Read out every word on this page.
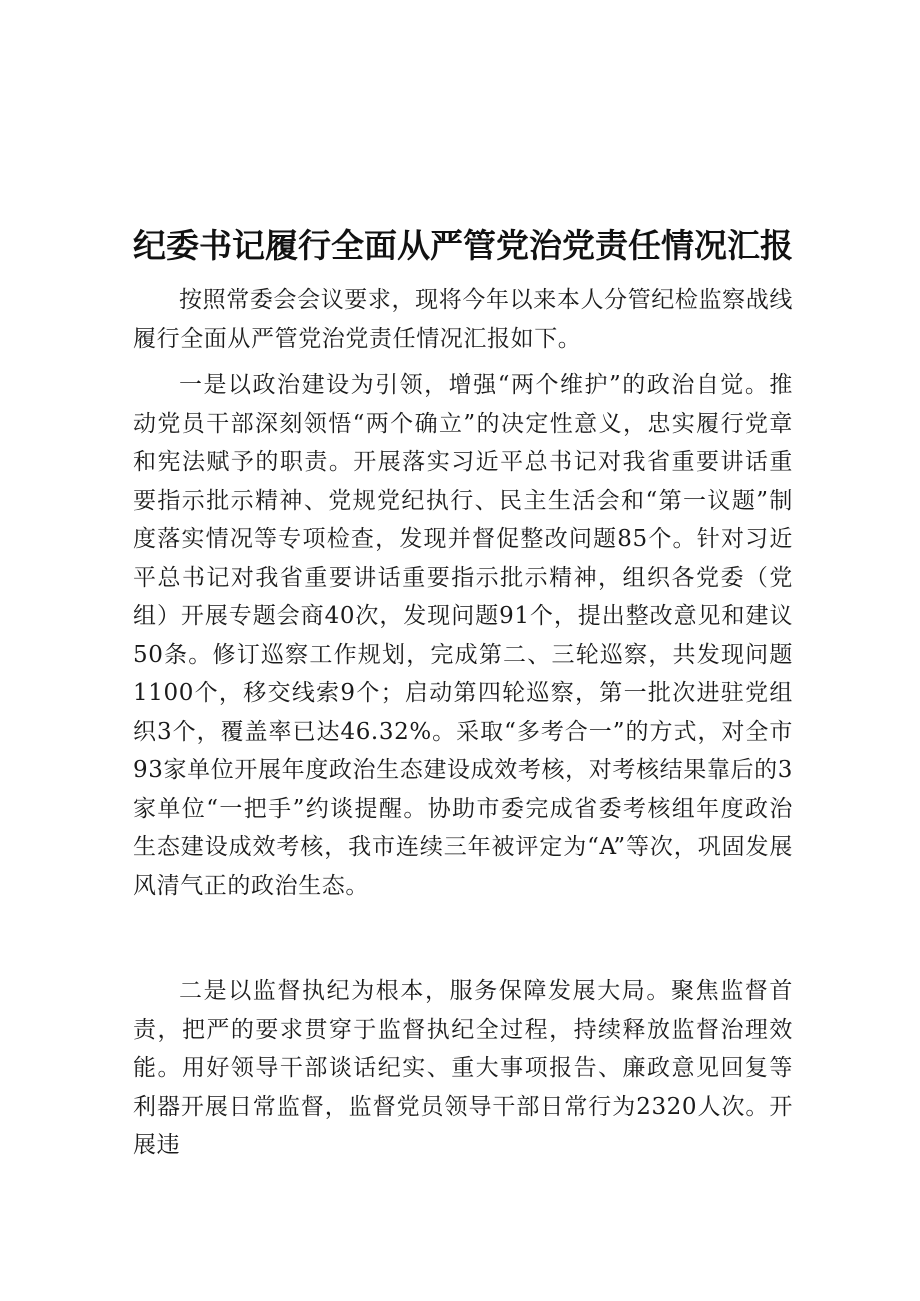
纪委书记履行全面从严管党治党责任情况汇报

按照常委会会议要求，现将今年以来本人分管纪检监察战线履行全面从严管党治党责任情况汇报如下。

一是以政治建设为引领，增强“两个维护”的政治自觉。推动党员干部深刻领悟“两个确立”的决定性意义，忠实履行党章和宪法赋予的职责。开展落实习近平总书记对我省重要讲话重要指示批示精神、党规党纪执行、民主生活会和“第一议题”制度落实情况等专项检查，发现并督促整改问题85个。针对习近平总书记对我省重要讲话重要指示批示精神，组织各党委（党组）开展专题会商40次，发现问题91个，提出整改意见和建议50条。修订巡察工作规划，完成第二、三轮巡察，共发现问题1100个，移交线索9个；启动第四轮巡察，第一批次进驻党组织3个，覆盖率已达46.32%。采取“多考合一”的方式，对全市93家单位开展年度政治生态建设成效考核，对考核结果靠后的3家单位“一把手”约谈提醒。协助市委完成省委考核组年度政治生态建设成效考核，我市连续三年被评定为“A”等次，巩固发展风清气正的政治生态。

二是以监督执纪为根本，服务保障发展大局。聚焦监督首责，把严的要求贯穿于监督执纪全过程，持续释放监督治理效能。用好领导干部谈话纪实、重大事项报告、廉政意见回复等利器开展日常监督，监督党员领导干部日常行为2320人次。开展违
